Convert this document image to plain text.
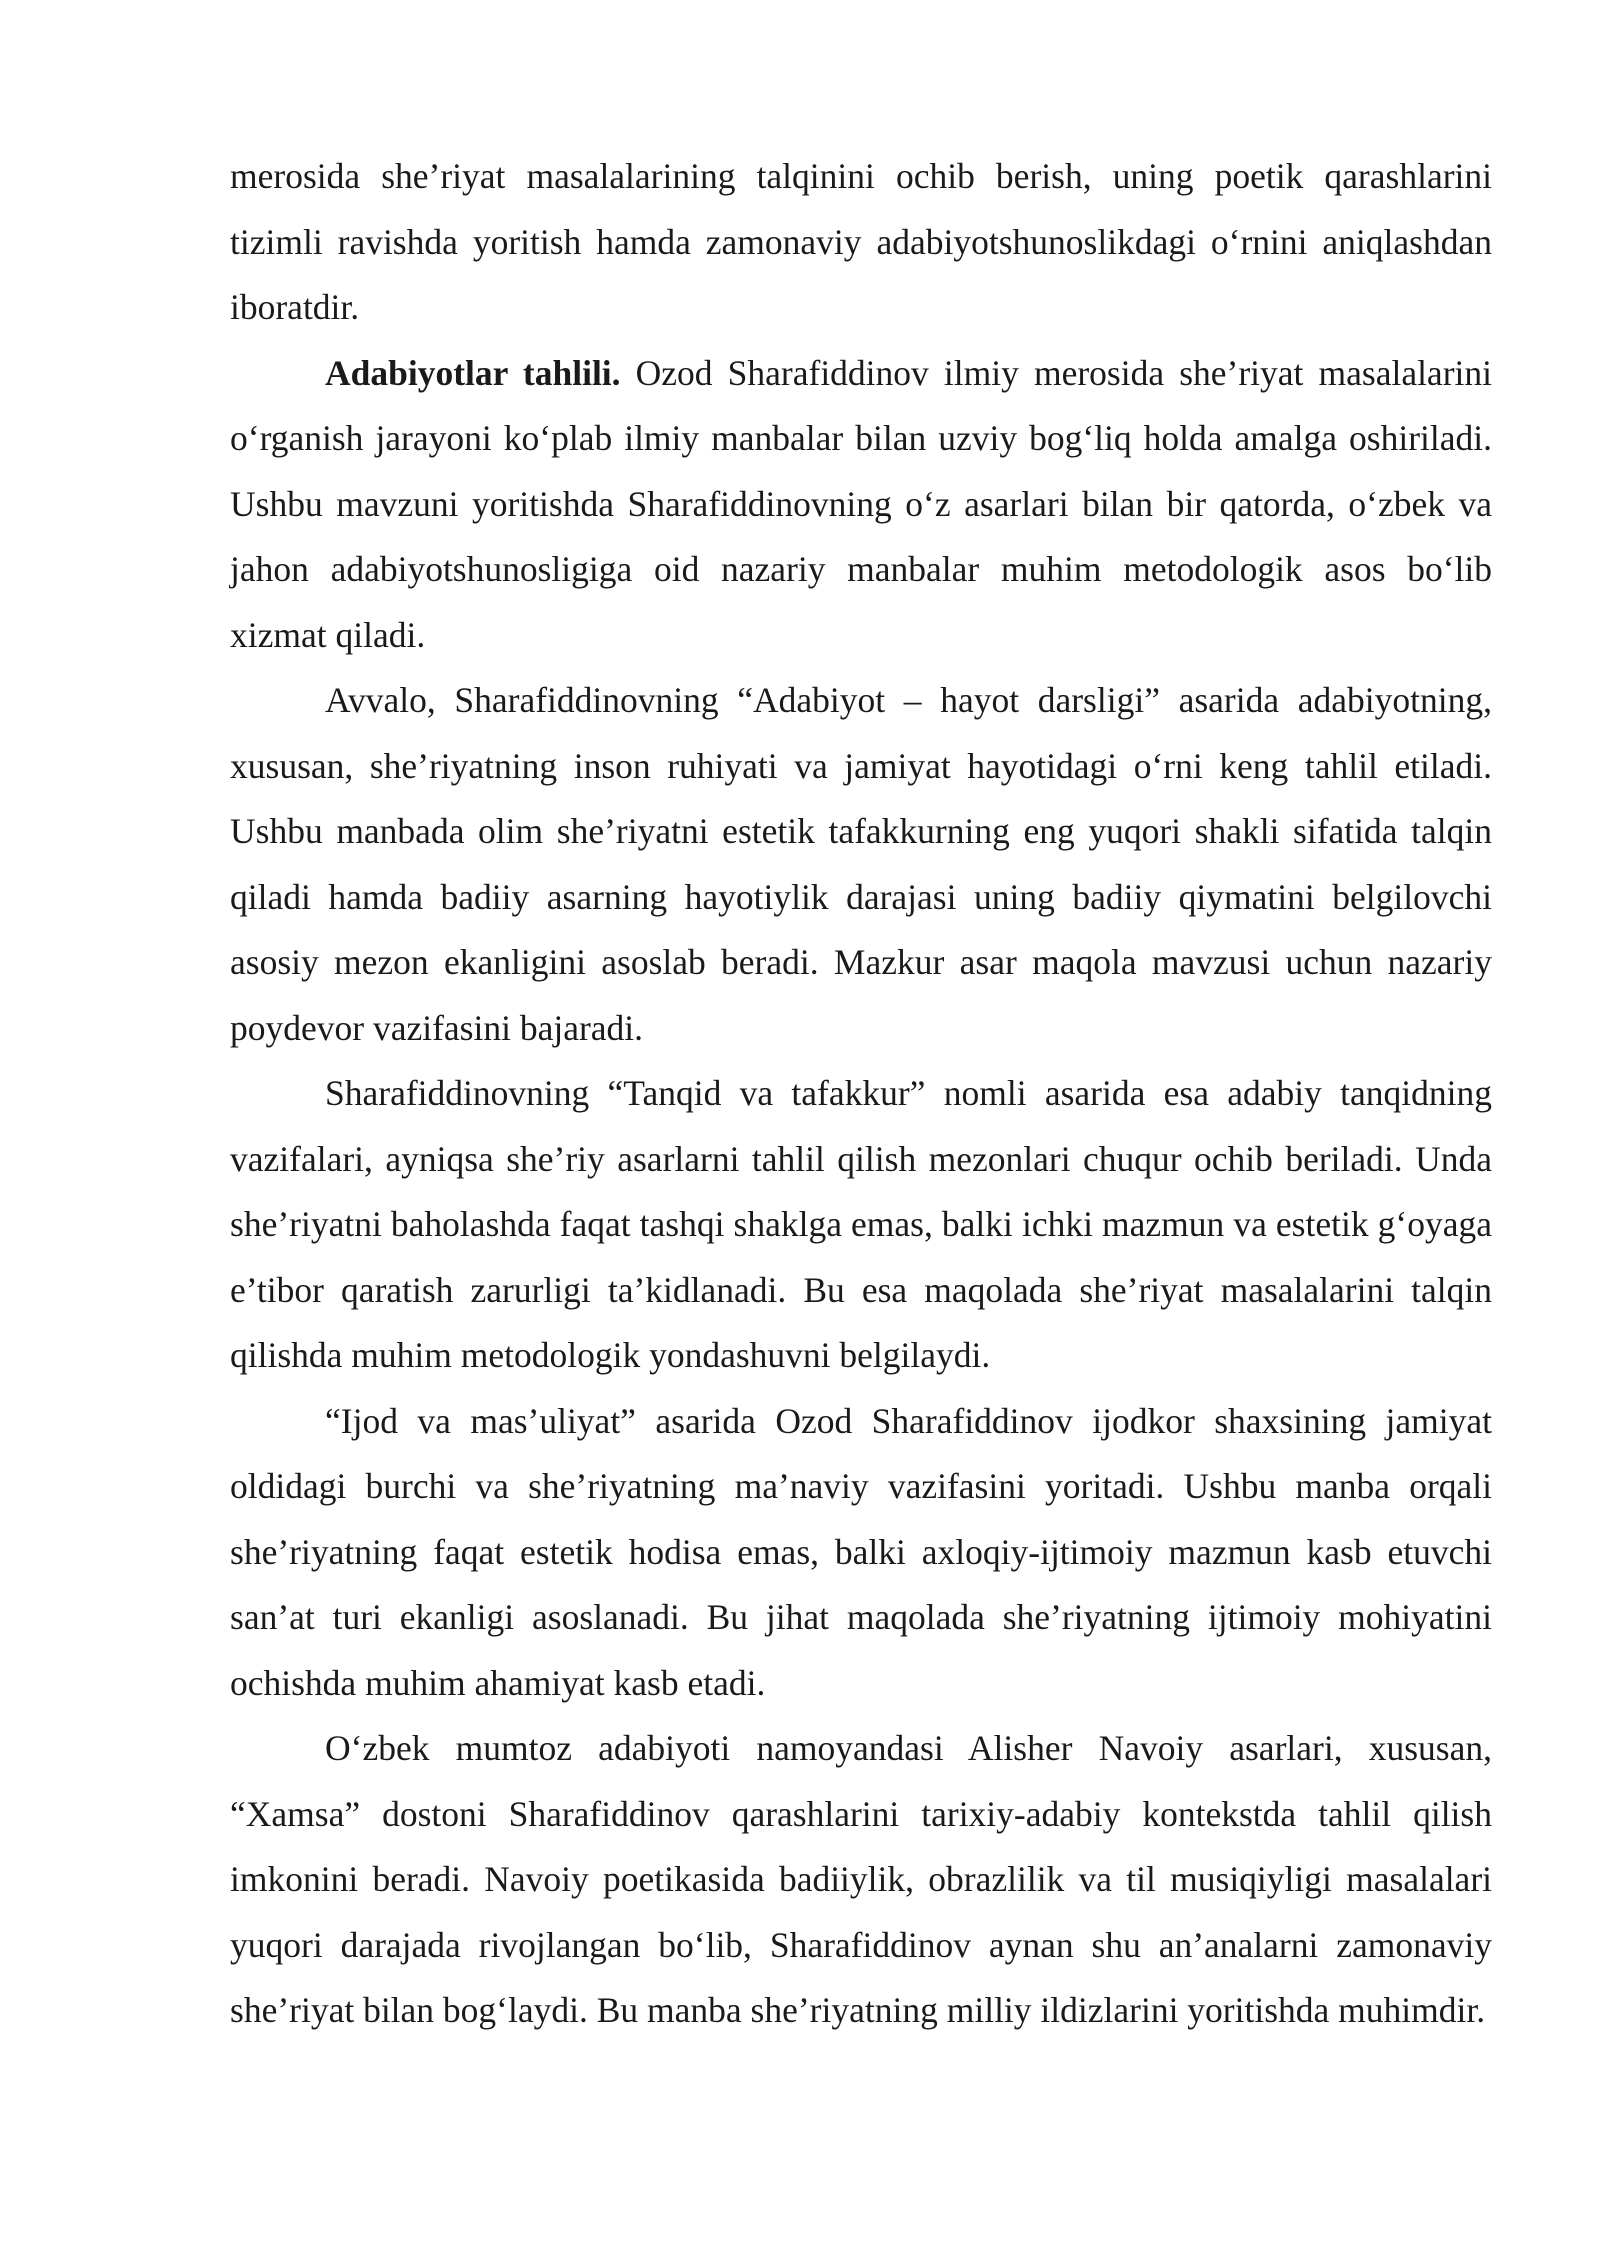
merosida she’riyat masalalarining talqinini ochib berish, uning poetik qarashlarini tizimli ravishda yoritish hamda zamonaviy adabiyotshunoslikdagi o‘rnini aniqlashdan iboratdir.

Adabiyotlar tahlili. Ozod Sharafiddinov ilmiy merosida she’riyat masalalarini o‘rganish jarayoni ko‘plab ilmiy manbalar bilan uzviy bog‘liq holda amalga oshiriladi. Ushbu mavzuni yoritishda Sharafiddinovning o‘z asarlari bilan bir qatorda, o‘zbek va jahon adabiyotshunosligiga oid nazariy manbalar muhim metodologik asos bo‘lib xizmat qiladi.

Avvalo, Sharafiddinovning “Adabiyot – hayot darsligi” asarida adabiyotning, xususan, she’riyatning inson ruhiyati va jamiyat hayotidagi o‘rni keng tahlil etiladi. Ushbu manbada olim she’riyatni estetik tafakkurning eng yuqori shakli sifatida talqin qiladi hamda badiiy asarning hayotiylik darajasi uning badiiy qiymatini belgilovchi asosiy mezon ekanligini asoslab beradi. Mazkur asar maqola mavzusi uchun nazariy poydevor vazifasini bajaradi.

Sharafiddinovning “Tanqid va tafakkur” nomli asarida esa adabiy tanqidning vazifalari, ayniqsa she’riy asarlarni tahlil qilish mezonlari chuqur ochib beriladi. Unda she’riyatni baholashda faqat tashqi shaklga emas, balki ichki mazmun va estetik g‘oyaga e’tibor qaratish zarurligi ta’kidlanadi. Bu esa maqolada she’riyat masalalarini talqin qilishda muhim metodologik yondashuvni belgilaydi.

“Ijod va mas’uliyat” asarida Ozod Sharafiddinov ijodkor shaxsining jamiyat oldidagi burchi va she’riyatning ma’naviy vazifasini yoritadi. Ushbu manba orqali she’riyatning faqat estetik hodisa emas, balki axloqiy-ijtimoiy mazmun kasb etuvchi san’at turi ekanligi asoslanadi. Bu jihat maqolada she’riyatning ijtimoiy mohiyatini ochishda muhim ahamiyat kasb etadi.

O‘zbek mumtoz adabiyoti namoyandasi Alisher Navoiy asarlari, xususan, “Xamsa” dostoni Sharafiddinov qarashlarini tarixiy-adabiy kontekstda tahlil qilish imkonini beradi. Navoiy poetikasida badiiylik, obrazlilik va til musiqiyligi masalalari yuqori darajada rivojlangan bo‘lib, Sharafiddinov aynan shu an’analarni zamonaviy she’riyat bilan bog‘laydi. Bu manba she’riyatning milliy ildizlarini yoritishda muhimdir.
